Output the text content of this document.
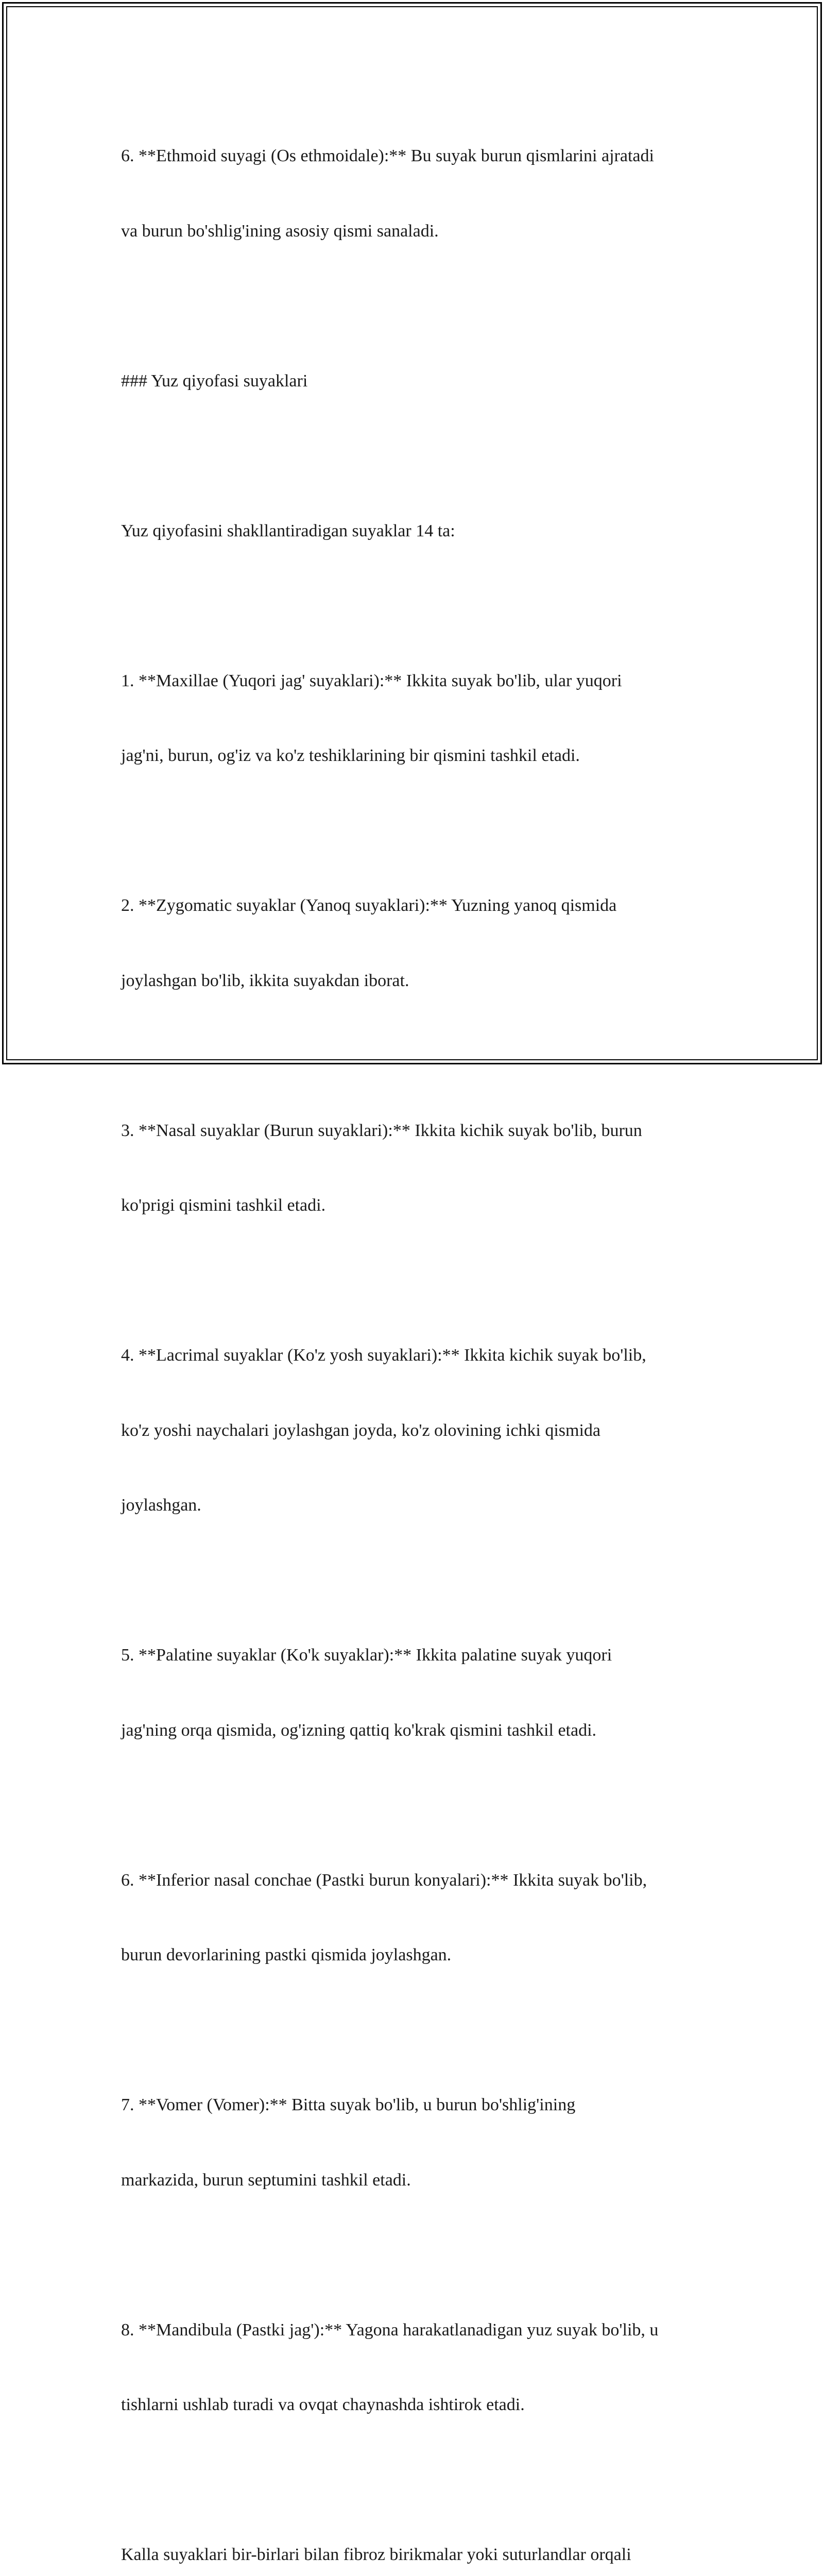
6. **Ethmoid suyagi (Os ethmoidale):** Bu suyak burun qismlarini ajratadi

va burun bo'shlig'ining asosiy qismi sanaladi.

### Yuz qiyofasi suyaklari

Yuz qiyofasini shakllantiradigan suyaklar 14 ta:

1. **Maxillae (Yuqori jag' suyaklari):** Ikkita suyak bo'lib, ular yuqori

jag'ni, burun, og'iz va ko'z teshiklarining bir qismini tashkil etadi.

2. **Zygomatic suyaklar (Yanoq suyaklari):** Yuzning yanoq qismida

joylashgan bo'lib, ikkita suyakdan iborat.

3. **Nasal suyaklar (Burun suyaklari):** Ikkita kichik suyak bo'lib, burun

ko'prigi qismini tashkil etadi.

4. **Lacrimal suyaklar (Ko'z yosh suyaklari):** Ikkita kichik suyak bo'lib,

ko'z yoshi naychalari joylashgan joyda, ko'z olovining ichki qismida

joylashgan.

5. **Palatine suyaklar (Ko'k suyaklar):** Ikkita palatine suyak yuqori

jag'ning orqa qismida, og'izning qattiq ko'krak qismini tashkil etadi.

6. **Inferior nasal conchae (Pastki burun konyalari):** Ikkita suyak bo'lib,

burun devorlarining pastki qismida joylashgan.

7. **Vomer (Vomer):** Bitta suyak bo'lib, u burun bo'shlig'ining

markazida, burun septumini tashkil etadi.

8. **Mandibula (Pastki jag'):** Yagona harakatlanadigan yuz suyak bo'lib, u

tishlarni ushlab turadi va ovqat chaynashda ishtirok etadi.

Kalla suyaklari bir-birlari bilan fibroz birikmalar yoki suturlandlar orqali
